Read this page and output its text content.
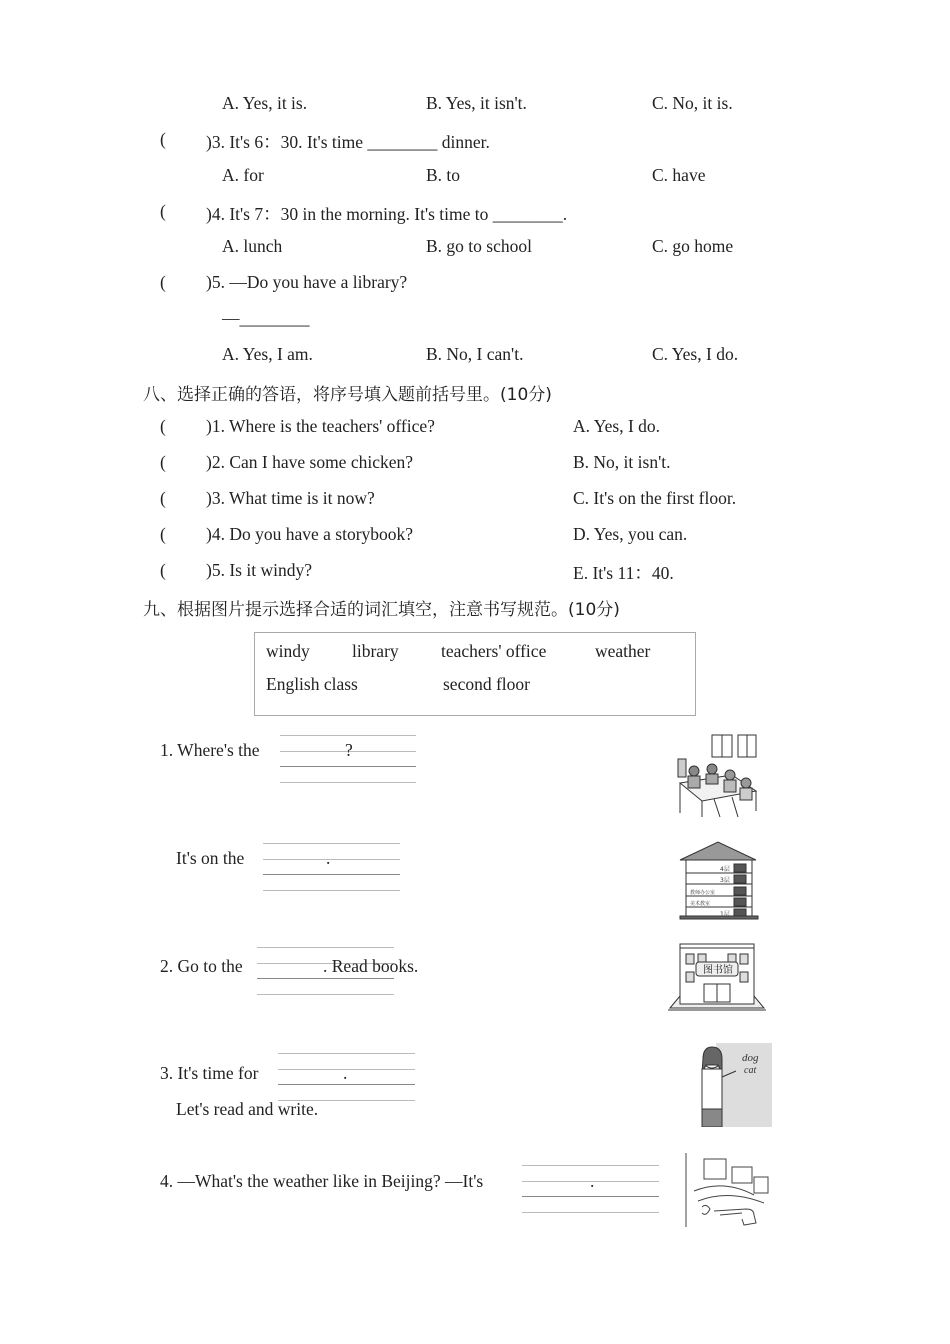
A. Yes, it is.	B. Yes, it isn't.	C. No, it is.
( )3. It's 6：30. It's time ________ dinner.
A. for	B. to	C. have
( )4. It's 7：30 in the morning. It's time to ________.
A. lunch	B. go to school	C. go home
( )5. —Do you have a library?
—________
A. Yes, I am.	B. No, I can't.	C. Yes, I do.
八、选择正确的答语，将序号填入题前括号里。(10分)
( )1. Where is the teachers' office?	A. Yes, I do.
( )2. Can I have some chicken?	B. No, it isn't.
( )3. What time is it now?	C. It's on the first floor.
( )4. Do you have a storybook?	D. Yes, you can.
( )5. Is it windy?	E. It's 11：40.
九、根据图片提示选择合适的词汇填空，注意书写规范。(10分)
windy library teachers' office	weather
English class	second floor
1. Where's the	?
It's on the	.
2. Go to the	. Read books.
3. It's time for	.
Let's read and write.
4. —What's the weather like in Beijing? —It's	.
4层
3层
教师办公室
美术教室
1层
图书馆
dog
cat
